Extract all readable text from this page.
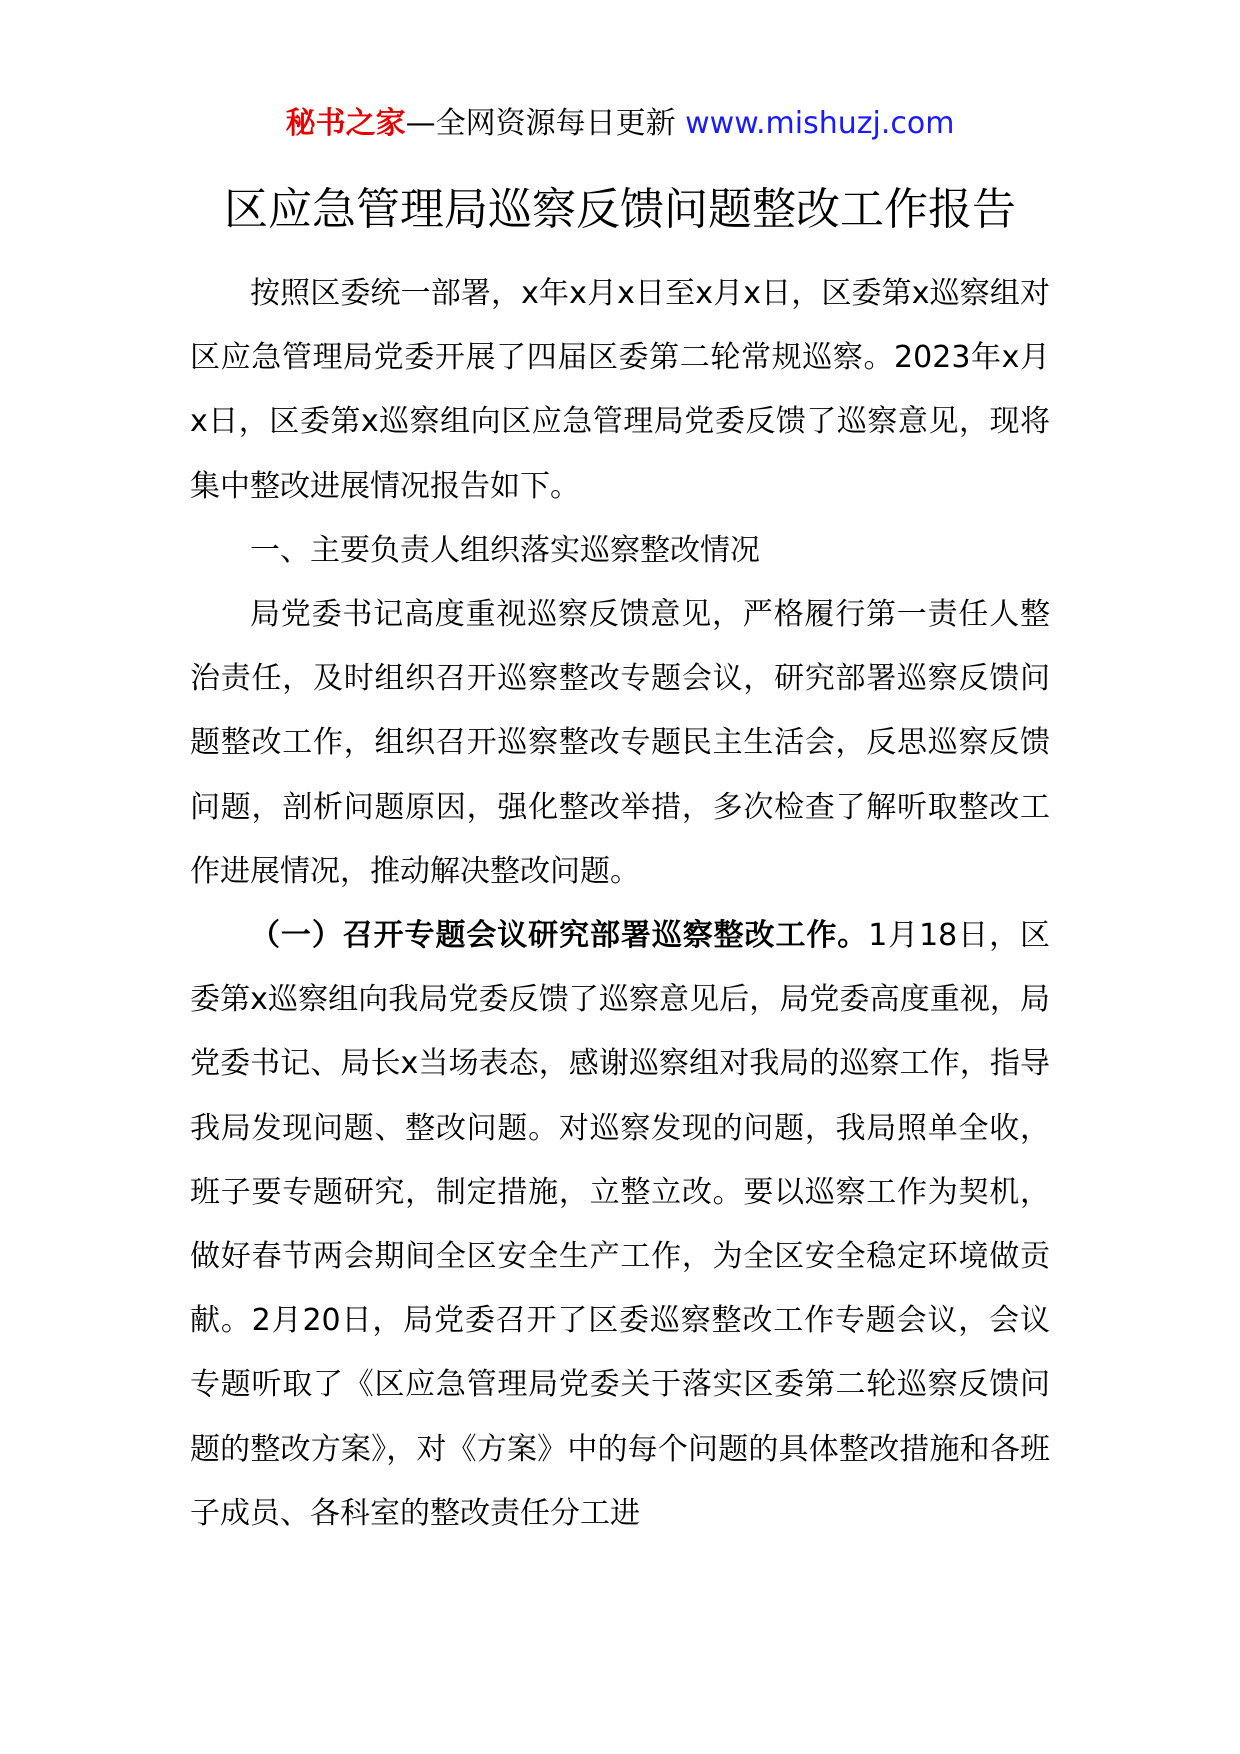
秘书之家—全网资源每日更新 www.mishuzj.com
区应急管理局巡察反馈问题整改工作报告

按照区委统一部署，x年x月x日至x月x日，区委第x巡察组对区应急管理局党委开展了四届区委第二轮常规巡察。2023年x月x日，区委第x巡察组向区应急管理局党委反馈了巡察意见，现将集中整改进展情况报告如下。

一、主要负责人组织落实巡察整改情况

局党委书记高度重视巡察反馈意见，严格履行第一责任人整治责任，及时组织召开巡察整改专题会议，研究部署巡察反馈问题整改工作，组织召开巡察整改专题民主生活会，反思巡察反馈问题，剖析问题原因，强化整改举措，多次检查了解听取整改工作进展情况，推动解决整改问题。

（一）召开专题会议研究部署巡察整改工作。1月18日，区委第x巡察组向我局党委反馈了巡察意见后，局党委高度重视，局党委书记、局长x当场表态，感谢巡察组对我局的巡察工作，指导我局发现问题、整改问题。对巡察发现的问题，我局照单全收，班子要专题研究，制定措施，立整立改。要以巡察工作为契机，做好春节两会期间全区安全生产工作，为全区安全稳定环境做贡献。2月20日，局党委召开了区委巡察整改工作专题会议，会议专题听取了《区应急管理局党委关于落实区委第二轮巡察反馈问题的整改方案》，对《方案》中的每个问题的具体整改措施和各班子成员、各科室的整改责任分工进
